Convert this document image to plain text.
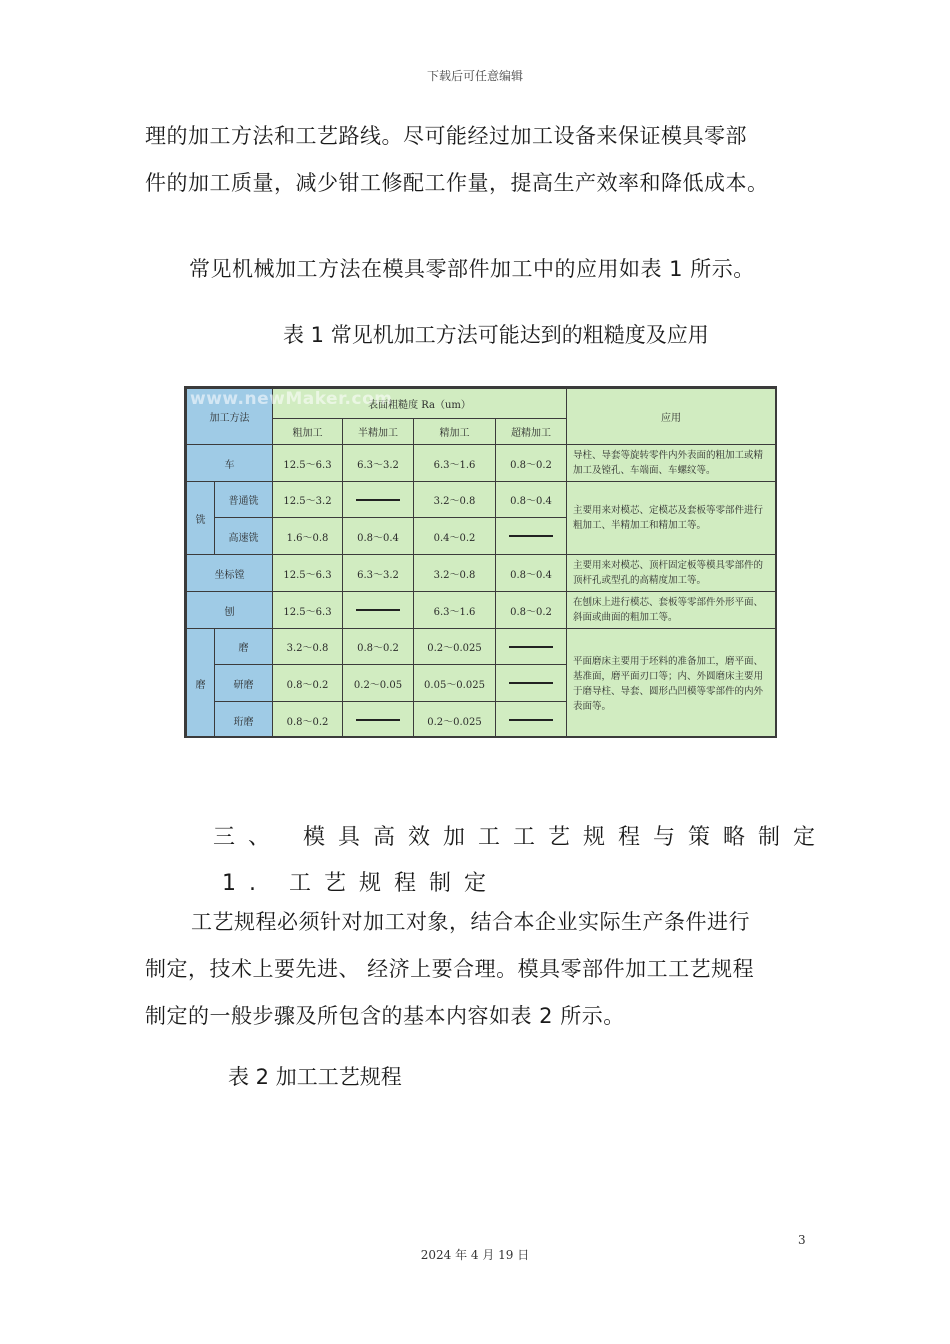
下载后可任意编辑
理的加工方法和工艺路线。尽可能经过加工设备来保证模具零部
件的加工质量，减少钳工修配工作量，提高生产效率和降低成本。
常见机械加工方法在模具零部件加工中的应用如表 1 所示。
表 1 常见机加工方法可能达到的粗糙度及应用
加工方法		表面粗糙度 Ra（um）				应用
		粗加工	半精加工	精加工	超精加工	
车		12.5～6.3	6.3～3.2	6.3～1.6	0.8～0.2	导柱、导套等旋转零件内外表面的粗加工或精加工及镗孔、车端面、车螺纹等。
铣	普通铣	12.5～3.2		3.2～0.8	0.8～0.4	主要用来对模芯、定模芯及套板等零部件进行粗加工、半精加工和精加工等。
	高速铣	1.6～0.8	0.8～0.4	0.4～0.2		
坐标镗		12.5～6.3	6.3～3.2	3.2～0.8	0.8～0.4	主要用来对模芯、顶杆固定板等模具零部件的顶杆孔或型孔的高精度加工等。
刨		12.5～6.3		6.3～1.6	0.8～0.2	在刨床上进行模芯、套板等零部件外形平面、斜面或曲面的粗加工等。
磨	磨	3.2～0.8	0.8～0.2	0.2～0.025		平面磨床主要用于坯料的准备加工，磨平面、基准面，磨平面刃口等；内、外圆磨床主要用于磨导柱、导套、圆形凸凹模等零部件的内外表面等。
	研磨	0.8～0.2	0.2～0.05	0.05～0.025		
	珩磨	0.8～0.2		0.2～0.025		
www.newMaker.com
三、 模具高效加工工艺规程与策略制定
1. 工艺规程制定
工艺规程必须针对加工对象，结合本企业实际生产条件进行
制定，技术上要先进、 经济上要合理。模具零部件加工工艺规程
制定的一般步骤及所包含的基本内容如表 2 所示。
表 2 加工工艺规程
3
2024 年 4 月 19 日
